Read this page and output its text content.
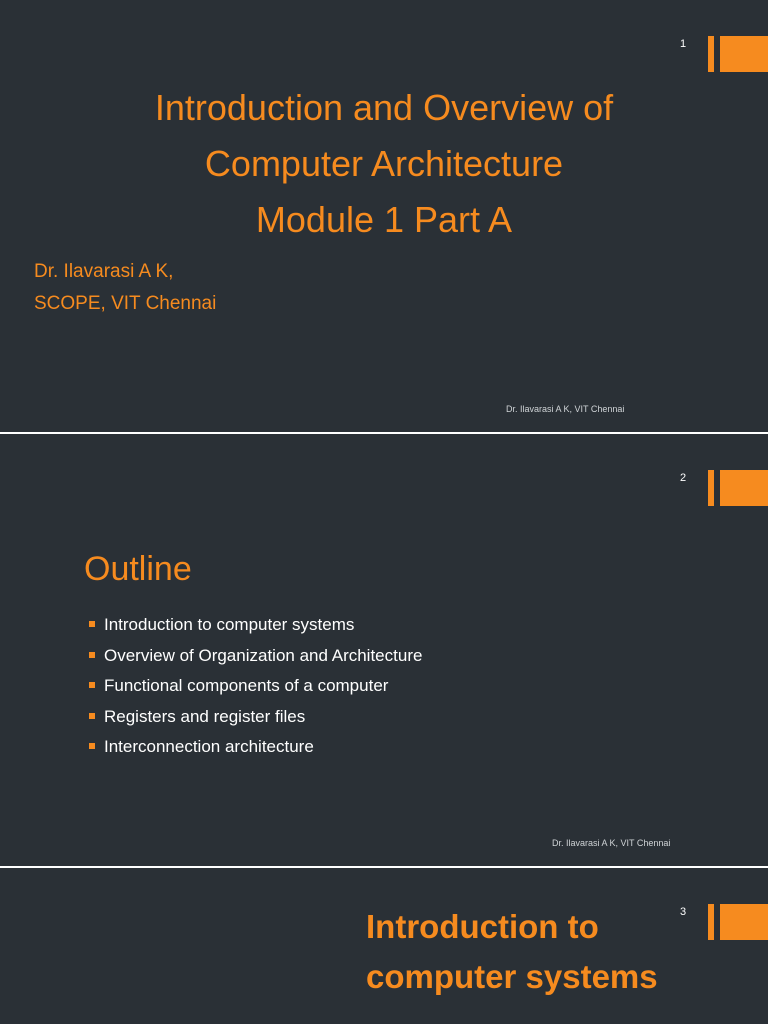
1
Introduction and Overview of
Computer Architecture
Module 1 Part A
Dr. Ilavarasi A K,
SCOPE, VIT Chennai
Dr. Ilavarasi A K, VIT Chennai
2
Outline
Introduction to computer systems
Overview of Organization and Architecture
Functional components of a computer
Registers and register files
Interconnection architecture
Dr. Ilavarasi A K, VIT Chennai
3
Introduction to
computer systems
